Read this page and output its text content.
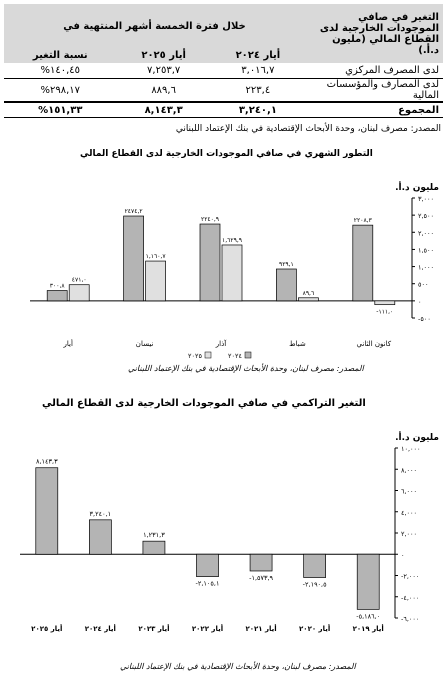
التغير في صافي الموجودات الخارجية لدى القطاع المالي (مليون د.أ.)	خلال فترة الخمسة أشهر المنتهية في		
	أيار ٢٠٢٤	أيار ٢٠٢٥	نسبة التغير
لدى المصرف المركزي	٣,٠١٦,٧	٧,٢٥٣,٧	١٤٠,٤٥%
لدى المصارف والمؤسسات المالية	٢٢٣,٤	٨٨٩,٦	٢٩٨,١٧%
المجموع	٣,٢٤٠,١	٨,١٤٣,٣	١٥١,٣٣%
المصدر: مصرف لبنان، وحدة الأبحاث الإقتصادية في بنك الإعتماد اللبناني
التطور الشهري في صافي الموجودات الخارجية لدى القطاع المالي
مليون د.أ.
-٥٠٠
٠
٥٠٠
١,٠٠٠
١,٥٠٠
٢,٠٠٠
٢,٥٠٠
٣,٠٠٠
٢٢٠٨,٣
-١١١,٠
كانون الثاني
٩٢٩,١
٨٩,٦
شباط
٢٢٤٠,٩
١,٦٢٩,٩
آذار
٢٤٧٤,٢
١,١٦٠,٧
نيسان
٣٠٠,٨
٤٧١,٠
أيار
٢٠٢٤
٢٠٢٥
المصدر: مصرف لبنان، وحدة الأبحاث الإقتصادية في بنك الإعتماد اللبناني
التغير التراكمي في صافي الموجودات الخارجية لدى القطاع المالي
مليون د.أ.
-٦,٠٠٠
-٤,٠٠٠
-٢,٠٠٠
٠
٢,٠٠٠
٤,٠٠٠
٦,٠٠٠
٨,٠٠٠
١٠,٠٠٠
٨,١٤٣,٣
أيار ٢٠٢٥
٣,٢٤٠,١
أيار ٢٠٢٤
١,٢٣١,٣
أيار ٢٠٢٣
-٢,١٠٥,١
أيار ٢٠٢٢
-١,٥٧٣,٩
أيار ٢٠٢١
-٢,١٩٠,٥
أيار ٢٠٢٠
-٥,١٨٦,٠
أيار ٢٠١٩
المصدر: مصرف لبنان، وحدة الأبحاث الإقتصادية في بنك الإعتماد اللبناني
